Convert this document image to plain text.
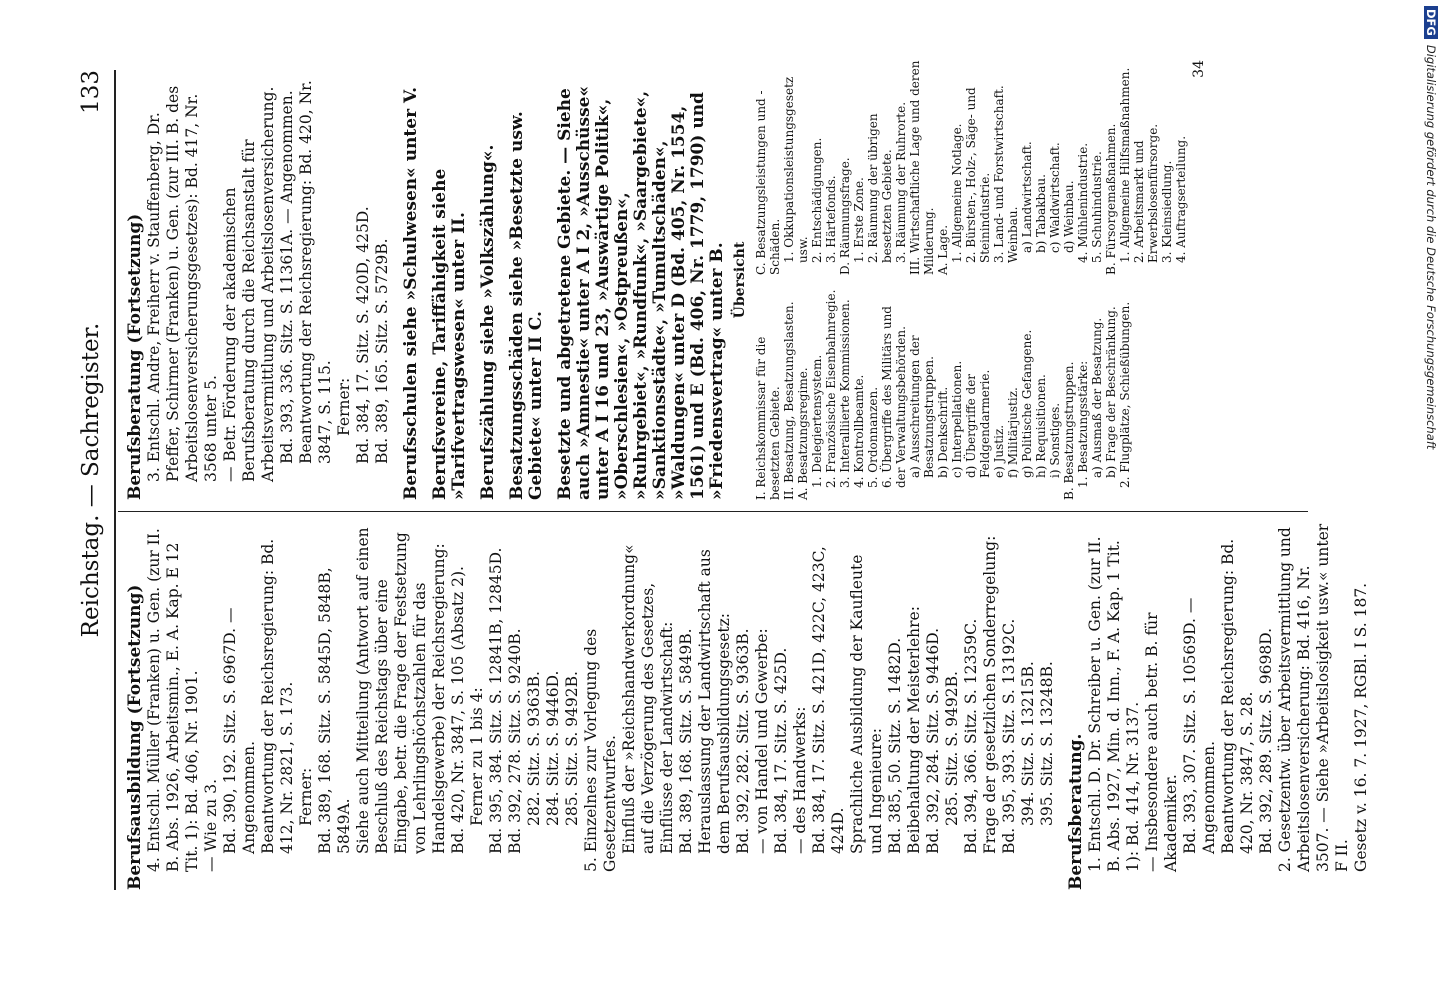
Reichstag. — Sachregister.
133

Berufsausbildung (Fortsetzung) 4. Entschl. Müller (Franken) u. Gen. (zur II. B. Abs. 1926, Arbeitsmin., E. A. Kap. E 12 Tit. 1): Bd. 406, Nr. 1901. — Wie zu 3. Bd. 390, 192. Sitz. S. 6967D. — Angenommen. Beantwortung der Reichsregierung: Bd. 412, Nr. 2821, S. 173. Ferner: Bd. 389, 168. Sitz. S. 5845D, 5848B, 5849A. Siehe auch Mitteilung (Antwort auf einen Beschluß des Reichstags über eine Eingabe, betr. die Frage der Festsetzung von Lehrlingshöchstzahlen für das Handelsgewerbe) der Reichsregierung: Bd. 420, Nr. 3847, S. 105 (Absatz 2). Ferner zu 1 bis 4: Bd. 395, 384. Sitz. S. 12841B, 12845D. Bd. 392, 278. Sitz. S. 9240B. 282. Sitz. S. 9363B. 284. Sitz. S. 9446D. 285. Sitz. S. 9492B. 5. Einzelnes zur Vorlegung des Gesetzentwurfes. Einfluß der »Reichshandwerkordnung« auf die Verzögerung des Gesetzes, Einflüsse der Landwirtschaft: Bd. 389, 168. Sitz. S. 5849B. Herauslassung der Landwirtschaft aus dem Berufsausbildungsgesetz: Bd. 392, 282. Sitz. S. 9363B. — von Handel und Gewerbe: Bd. 384, 17. Sitz. S. 425D. — des Handwerks: Bd. 384, 17. Sitz. S. 421D, 422C, 423C, 424D. Sprachliche Ausbildung der Kaufleute und Ingenieure: Bd. 385, 50. Sitz. S. 1482D. Beibehaltung der Meisterlehre: Bd. 392, 284. Sitz. S. 9446D. 285. Sitz. S. 9492B. Bd. 394, 366. Sitz. S. 12359C. Frage der gesetzlichen Sonderregelung: Bd. 395, 393. Sitz. S. 13192C. 394. Sitz. S. 13215B. 395. Sitz. S. 13248B. Berufsberatung. 1. Entschl. D. Dr. Schreiber u. Gen. (zur II. B. Abs. 1927, Min. d. Inn., F. A. Kap. 1 Tit. 1): Bd. 414, Nr. 3137. — Insbesondere auch betr. B. für Akademiker. Bd. 393, 307. Sitz. S. 10569D. — Angenommen. Beantwortung der Reichsregierung: Bd. 420, Nr. 3847, S. 28. Bd. 392, 289. Sitz. S. 9698D. 2. Gesetzentw. über Arbeitsvermittlung und Arbeitslosenversicherung: Bd. 416, Nr. 3507. — Siehe »Arbeitslosigkeit usw.« unter F II. Gesetz v. 16. 7. 1927, RGBl. I S. 187.

Berufsberatung (Fortsetzung) 3. Entschl. Andre, Freiherr v. Stauffenberg, Dr. Pfeffer, Schirmer (Franken) u. Gen. (zur III. B. des Arbeitslosenversicherungsgesetzes): Bd. 417, Nr. 3568 unter 5. — Betr. Förderung der akademischen Berufsberatung durch die Reichsanstalt für Arbeitsvermittlung und Arbeitslosenversicherung. Bd. 393, 336. Sitz. S. 11361A. — Angenommen. Beantwortung der Reichsregierung: Bd. 420, Nr. 3847, S. 115. Ferner: Bd. 384, 17. Sitz. S. 420D, 425D. Bd. 389, 165. Sitz. S. 5729B. Berufsschulen siehe »Schulwesen« unter V. Berufsvereine, Tariffähigkeit siehe »Tarifvertragswesen« unter II. Berufszählung siehe »Volkszählung«. Besatzungsschäden siehe »Besetzte usw. Gebiete« unter II C. Besetzte und abgetretene Gebiete. — Siehe auch »Amnestie« unter A I 2, »Ausschüsse« unter A I 16 und 23, »Auswärtige Politik«, »Oberschlesien«, »Ostpreußen«, »Ruhrgebiet«, »Rundfunk«, »Saargebiete«, »Sanktionsstädte«, »Tumultschäden«, »Waldungen« unter D (Bd. 405, Nr. 1554, 1561) und E (Bd. 406, Nr. 1779, 1790) und »Friedensvertrag« unter B. Übersicht

I. Reichskommissar für die besetzten Gebiete. II. Besatzung, Besatzungslasten. A. Besatzungsregime. 1. Delegiertensystem. 2. Französische Eisenbahnregie. 3. Interalliierte Kommissionen. 4. Kontrollbeamte. 5. Ordonnanzen. 6. Übergriffe des Militärs und der Verwaltungsbehörden. a) Ausschreitungen der Besatzungstruppen. b) Denkschrift. c) Interpellationen. d) Übergriffe der Feldgendarmerie. e) Justiz. f) Militärjustiz. g) Politische Gefangene. h) Requisitionen. i) Sonstiges. B. Besatzungstruppen. 1. Besatzungsstärke: a) Ausmaß der Besatzung. b) Frage der Beschränkung. 2. Flugplätze, Schießübungen.

C. Besatzungsleistungen und -Schäden. 1. Okkupationsleistungsgesetz usw. 2. Entschädigungen. 3. Härtefonds. D. Räumungsfrage. 1. Erste Zone. 2. Räumung der übrigen besetzten Gebiete. 3. Räumung der Ruhrorte. III. Wirtschaftliche Lage und deren Milderung. A. Lage. 1. Allgemeine Notlage. 2. Bürsten-, Holz-, Säge- und Steinindustrie. 3. Land- und Forstwirtschaft. Weinbau. a) Landwirtschaft. b) Tabakbau. c) Waldwirtschaft. d) Weinbau. 4. Mühlenindustrie. 5. Schuhindustrie. B. Fürsorgemaßnahmen. 1. Allgemeine Hilfsmaßnahmen. 2. Arbeitsmarkt und Erwerbslosenfürsorge. 3. Kleinsiedlung. 4. Auftragserteilung.

34
DFGDigitalisierung gefördert durch die Deutsche Forschungsgemeinschaft
